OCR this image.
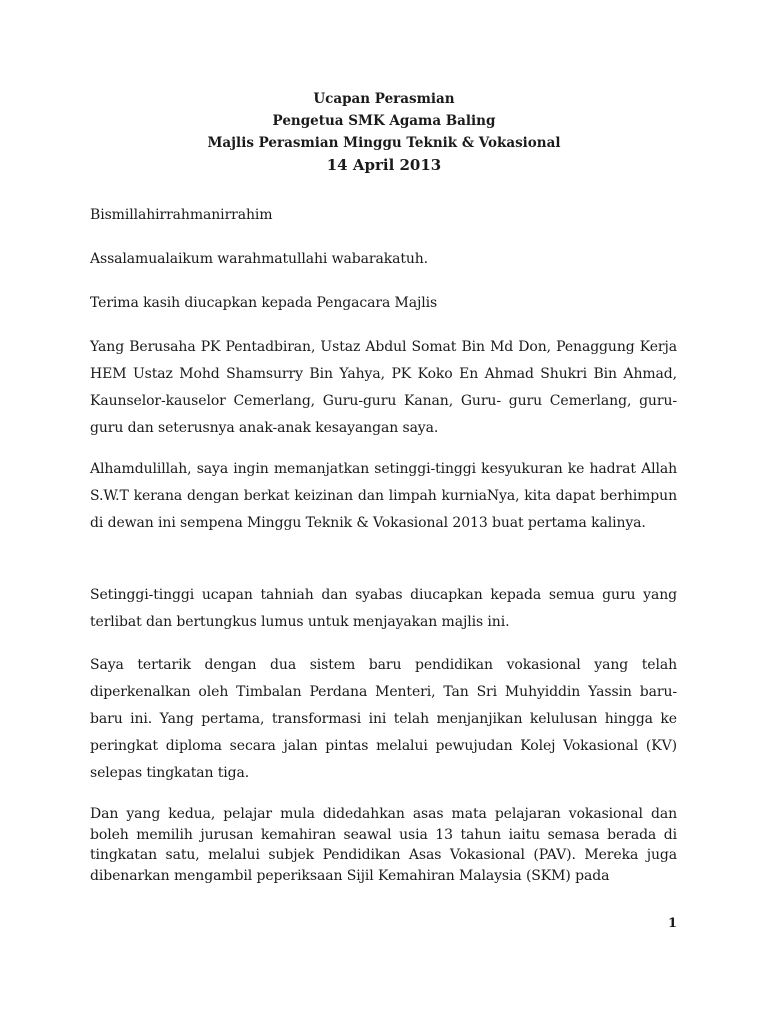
Ucapan Perasmian
Pengetua SMK Agama Baling
Majlis Perasmian Minggu Teknik & Vokasional
14 April 2013

Bismillahirrahmanirrahim

Assalamualaikum warahmatullahi wabarakatuh.

Terima kasih diucapkan kepada Pengacara Majlis

Yang Berusaha PK Pentadbiran, Ustaz Abdul Somat Bin Md Don, Penaggung Kerja HEM Ustaz Mohd Shamsurry Bin Yahya, PK Koko En Ahmad Shukri Bin Ahmad, Kaunselor-kauselor Cemerlang, Guru-guru Kanan, Guru- guru Cemerlang, guru-guru dan seterusnya anak-anak kesayangan saya.

Alhamdulillah, saya ingin memanjatkan setinggi-tinggi kesyukuran ke hadrat Allah S.W.T kerana dengan berkat keizinan dan limpah kurniaNya, kita dapat berhimpun di dewan ini sempena Minggu Teknik & Vokasional 2013 buat pertama kalinya.

Setinggi-tinggi ucapan tahniah dan syabas diucapkan kepada semua guru yang terlibat dan bertungkus lumus untuk menjayakan majlis ini.

Saya tertarik dengan dua sistem baru pendidikan vokasional yang telah diperkenalkan oleh Timbalan Perdana Menteri, Tan Sri Muhyiddin Yassin baru-baru ini. Yang pertama, transformasi ini telah menjanjikan kelulusan hingga ke peringkat diploma secara jalan pintas melalui pewujudan Kolej Vokasional (KV) selepas tingkatan tiga.

Dan yang kedua, pelajar mula didedahkan asas mata pelajaran vokasional dan boleh memilih jurusan kemahiran seawal usia 13 tahun iaitu semasa berada di tingkatan satu, melalui subjek Pendidikan Asas Vokasional (PAV). Mereka juga dibenarkan mengambil peperiksaan Sijil Kemahiran Malaysia (SKM) pada

1
